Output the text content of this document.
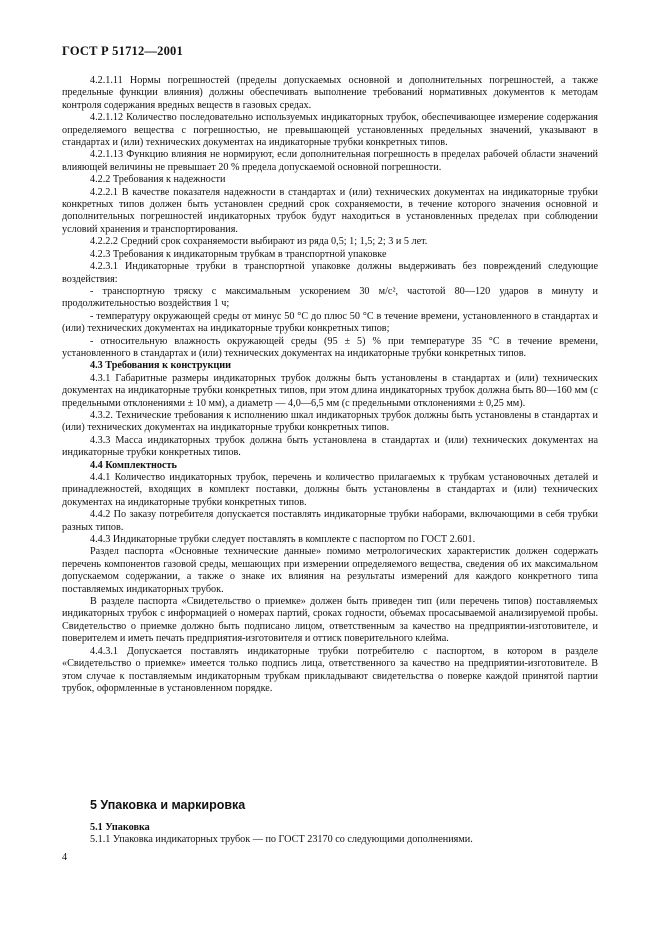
ГОСТ Р 51712—2001

4.2.1.11 Нормы погрешностей (пределы допускаемых основной и дополнительных погрешностей, а также предельные функции влияния) должны обеспечивать выполнение требований нормативных документов к методам контроля содержания вредных веществ в газовых средах.

4.2.1.12 Количество последовательно используемых индикаторных трубок, обеспечивающее измерение содержания определяемого вещества с погрешностью, не превышающей установленных предельных значений, указывают в стандартах и (или) технических документах на индикаторные трубки конкретных типов.

4.2.1.13 Функцию влияния не нормируют, если дополнительная погрешность в пределах рабочей области значений влияющей величины не превышает 20 % предела допускаемой основной погрешности.

4.2.2 Требования к надежности

4.2.2.1 В качестве показателя надежности в стандартах и (или) технических документах на индикаторные трубки конкретных типов должен быть установлен средний срок сохраняемости, в течение которого значения основной и дополнительных погрешностей индикаторных трубок будут находиться в установленных пределах при соблюдении условий хранения и транспортирования.

4.2.2.2 Средний срок сохраняемости выбирают из ряда 0,5; 1; 1,5; 2; 3 и 5 лет.

4.2.3 Требования к индикаторным трубкам в транспортной упаковке

4.2.3.1 Индикаторные трубки в транспортной упаковке должны выдерживать без повреждений следующие воздействия:

- транспортную тряску с максимальным ускорением 30 м/с², частотой 80—120 ударов в минуту и продолжительностью воздействия 1 ч;

- температуру окружающей среды от минус 50 °С до плюс 50 °С в течение времени, установленного в стандартах и (или) технических документах на индикаторные трубки конкретных типов;

- относительную влажность окружающей среды (95 ± 5) % при температуре 35 °С в течение времени, установленного в стандартах и (или) технических документах на индикаторные трубки конкретных типов.

4.3 Требования к конструкции

4.3.1 Габаритные размеры индикаторных трубок должны быть установлены в стандартах и (или) технических документах на индикаторные трубки конкретных типов, при этом длина индикаторных трубок должна быть 80—160 мм (с предельными отклонениями ± 10 мм), а диаметр — 4,0—6,5 мм (с предельными отклонениями ± 0,25 мм).

4.3.2. Технические требования к исполнению шкал индикаторных трубок должны быть установлены в стандартах и (или) технических документах на индикаторные трубки конкретных типов.

4.3.3 Масса индикаторных трубок должна быть установлена в стандартах и (или) технических документах на индикаторные трубки конкретных типов.

4.4 Комплектность

4.4.1 Количество индикаторных трубок, перечень и количество прилагаемых к трубкам установочных деталей и принадлежностей, входящих в комплект поставки, должны быть установлены в стандартах и (или) технических документах на индикаторные трубки конкретных типов.

4.4.2 По заказу потребителя допускается поставлять индикаторные трубки наборами, включающими в себя трубки разных типов.

4.4.3 Индикаторные трубки следует поставлять в комплекте с паспортом по ГОСТ 2.601.

Раздел паспорта «Основные технические данные» помимо метрологических характеристик должен содержать перечень компонентов газовой среды, мешающих при измерении определяемого вещества, сведения об их максимальном допускаемом содержании, а также о знаке их влияния на результаты измерений для каждого конкретного типа поставляемых индикаторных трубок.

В разделе паспорта «Свидетельство о приемке» должен быть приведен тип (или перечень типов) поставляемых индикаторных трубок с информацией о номерах партий, сроках годности, объемах просасываемой анализируемой пробы. Свидетельство о приемке должно быть подписано лицом, ответственным за качество на предприятии-изготовителе, и поверителем и иметь печать предприятия-изготовителя и оттиск поверительного клейма.

4.4.3.1 Допускается поставлять индикаторные трубки потребителю с паспортом, в котором в разделе «Свидетельство о приемке» имеется только подпись лица, ответственного за качество на предприятии-изготовителе. В этом случае к поставляемым индикаторным трубкам прикладывают свидетельства о поверке каждой принятой партии трубок, оформленные в установленном порядке.

5 Упаковка и маркировка
5.1 Упаковка
5.1.1 Упаковка индикаторных трубок — по ГОСТ 23170 со следующими дополнениями.
4
